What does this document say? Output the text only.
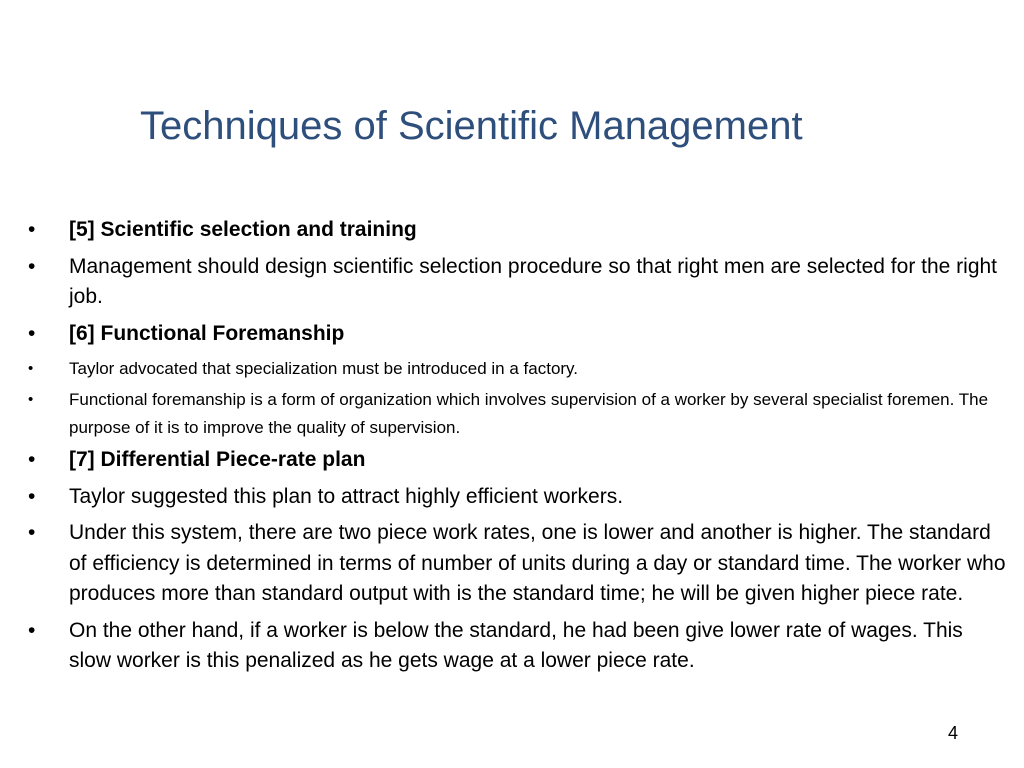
Techniques of Scientific Management
• [5] Scientific selection and training
• Management should design scientific selection procedure so that right men are selected for the right job.
• [6] Functional Foremanship
• Taylor advocated that specialization must be introduced in a factory.
• Functional foremanship is a form of organization which involves supervision of a worker by several specialist foremen. The purpose of it is to improve the quality of supervision.
• [7] Differential Piece-rate plan
• Taylor suggested this plan to attract highly efficient workers.
• Under this system, there are two piece work rates, one is lower and another is higher. The standard of efficiency is determined in terms of number of units during a day or standard time. The worker who produces more than standard output with is the standard time; he will be given higher piece rate.
• On the other hand, if a worker is below the standard, he had been give lower rate of wages. This slow worker is this penalized as he gets wage at a lower piece rate.
4
